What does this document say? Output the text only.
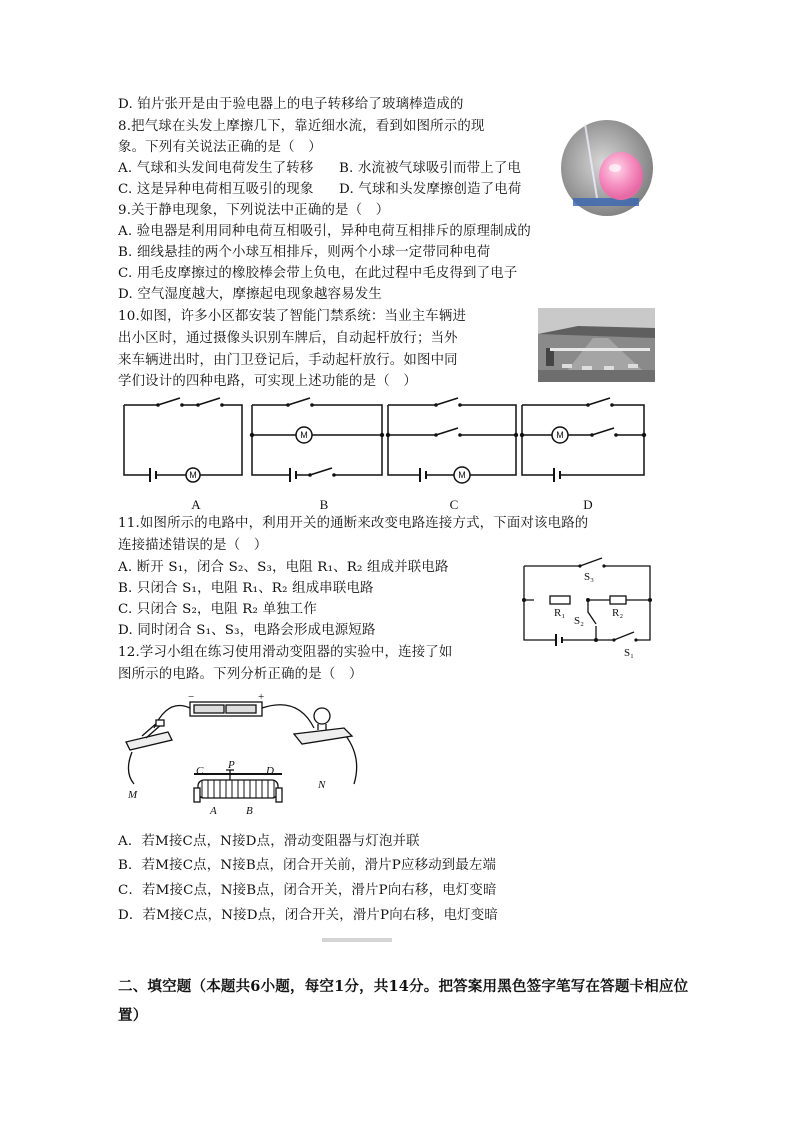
D. 铂片张开是由于验电器上的电子转移给了玻璃棒造成的
8.把气球在头发上摩擦几下，靠近细水流，看到如图所示的现
象。下列有关说法正确的是（　）
A. 气球和头发间电荷发生了转移 B. 水流被气球吸引而带上了电
C. 这是异种电荷相互吸引的现象 D. 气球和头发摩擦创造了电荷
9.关于静电现象，下列说法中正确的是（　）
A. 验电器是利用同种电荷互相吸引，异种电荷互相排斥的原理制成的
B. 细线悬挂的两个小球互相排斥，则两个小球一定带同种电荷
C. 用毛皮摩擦过的橡胶棒会带上负电，在此过程中毛皮得到了电子
D. 空气湿度越大，摩擦起电现象越容易发生
10.如图，许多小区都安装了智能门禁系统：当业主车辆进
出小区时，通过摄像头识别车牌后，自动起杆放行；当外
来车辆进出时，由门卫登记后，手动起杆放行。如图中同
学们设计的四种电路，可实现上述功能的是（　）
M
M
M
M
A	B	C	D
11.如图所示的电路中，利用开关的通断来改变电路连接方式，下面对该电路的
连接描述错误的是（　）
A. 断开 S₁，闭合 S₂、S₃，电阻 R₁、R₂ 组成并联电路
B. 只闭合 S₁，电阻 R₁、R₂ 组成串联电路
C. 只闭合 S₂，电阻 R₂ 单独工作
D. 同时闭合 S₁、S₃，电路会形成电源短路
S₃
R₁	R₂
S₂
S₁
12.学习小组在练习使用滑动变阻器的实验中，连接了如
图所示的电路。下列分析正确的是（　）
−	+
M
N
C P	D
A	B
A．若M接C点，N接D点，滑动变阻器与灯泡并联
B．若M接C点，N接B点，闭合开关前，滑片P应移动到最左端
C．若M接C点，N接B点，闭合开关，滑片P向右移，电灯变暗
D．若M接C点，N接D点，闭合开关，滑片P向右移，电灯变暗
二、填空题（本题共6小题，每空1分，共14分。把答案用黑色签字笔写在答题卡相应位
置）
